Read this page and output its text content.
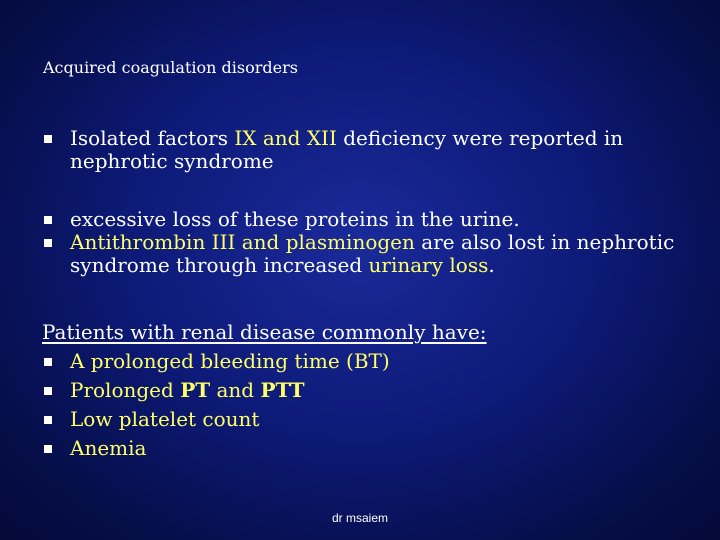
Acquired coagulation disorders
Isolated factors IX and XII deficiency were reported in nephrotic syndrome
excessive loss of these proteins in the urine.
Antithrombin III and plasminogen are also lost in nephrotic syndrome through increased urinary loss.
Patients with renal disease commonly have:
A prolonged bleeding time (BT)
Prolonged PT and PTT
Low platelet count
Anemia
dr msaiem
